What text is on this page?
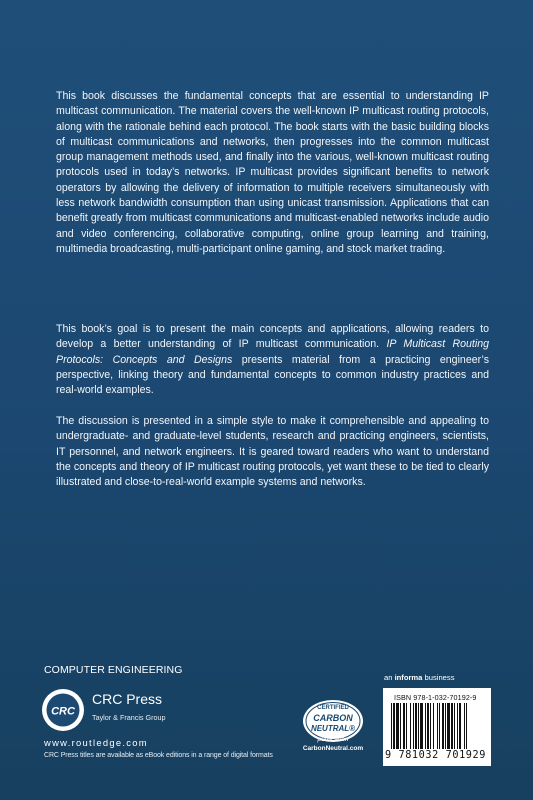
This book discusses the fundamental concepts that are essential to understanding IP multicast communication. The material covers the well-known IP multicast routing protocols, along with the rationale behind each protocol. The book starts with the basic building blocks of multicast communications and networks, then progresses into the common multicast group management methods used, and finally into the various, well-known multicast routing protocols used in today’s networks. IP multicast provides significant benefits to network operators by allowing the delivery of information to multiple receivers simultaneously with less network bandwidth consumption than using unicast transmission. Applications that can benefit greatly from multicast communications and multicast-enabled networks include audio and video conferencing, collaborative computing, online group learning and training, multimedia broadcasting, multi-participant online gaming, and stock market trading.

This book’s goal is to present the main concepts and applications, allowing readers to develop a better understanding of IP multicast communication. IP Multicast Routing Protocols: Concepts and Designs presents material from a practicing engineer’s perspective, linking theory and fundamental concepts to common industry practices and real-world examples.

The discussion is presented in a simple style to make it comprehensible and appealing to undergraduate- and graduate-level students, research and practicing engineers, scientists, IT personnel, and network engineers. It is geared toward readers who want to understand the concepts and theory of IP multicast routing protocols, yet want these to be tied to clearly illustrated and close-to-real-world example systems and networks.

COMPUTER ENGINEERING
CRC
CRC Press
Taylor & Francis Group
www.routledge.com
CRC Press titles are available as eBook editions in a range of digital formats
CERTIFIED
CARBON
NEUTRAL®
publication
CarbonNeutral.com
an informa business
ISBN 978-1-032-70192-9
9 781032 701929
